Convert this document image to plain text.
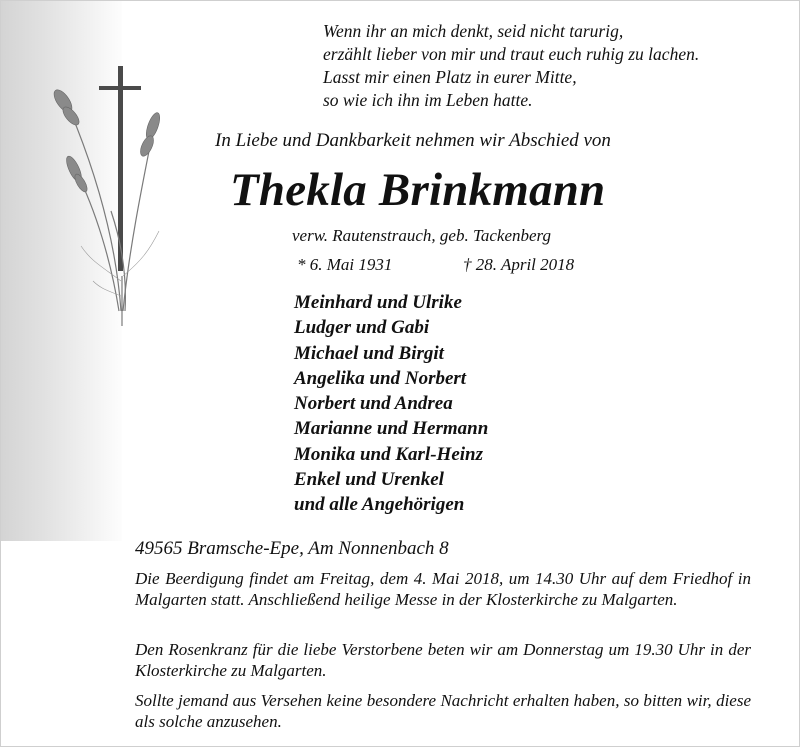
Wenn ihr an mich denkt, seid nicht tarurig,
erzählt lieber von mir und traut euch ruhig zu lachen.
Lasst mir einen Platz in eurer Mitte,
so wie ich ihn im Leben hatte.
In Liebe und Dankbarkeit nehmen wir Abschied von
Thekla Brinkmann
verw. Rautenstrauch, geb. Tackenberg
* 6. Mai 1931	† 28. April 2018
Meinhard und Ulrike
Ludger und Gabi
Michael und Birgit
Angelika und Norbert
Norbert und Andrea
Marianne und Hermann
Monika und Karl-Heinz
Enkel und Urenkel
und alle Angehörigen
49565 Bramsche-Epe, Am Nonnenbach 8
Die Beerdigung findet am Freitag, dem 4. Mai 2018, um 14.30 Uhr auf dem Friedhof in Malgarten statt. Anschließend heilige Messe in der Klosterkirche zu Malgarten.
Den Rosenkranz für die liebe Verstorbene beten wir am Donnerstag um 19.30 Uhr in der Klosterkirche zu Malgarten.
Sollte jemand aus Versehen keine besondere Nachricht erhalten haben, so bitten wir, diese als solche anzusehen.
